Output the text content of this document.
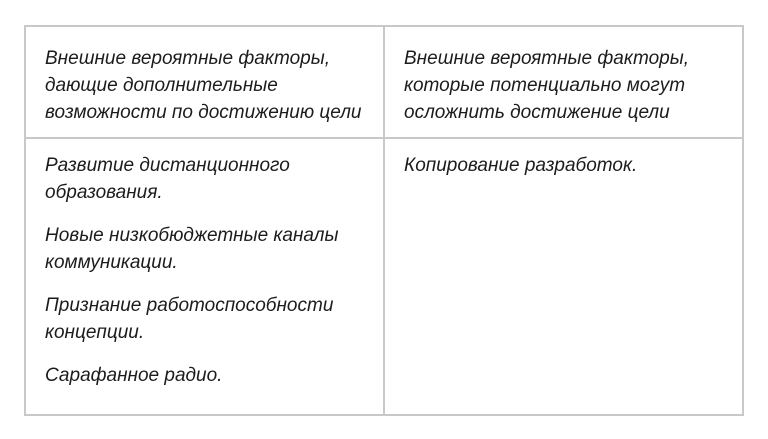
Внешние вероятные факторы, дающие дополнительные возможности по достижению цели
Внешние вероятные факторы, которые потенциально могут осложнить достижение цели

Развитие дистанционного образования.

Новые низкобюджетные каналы коммуникации.

Признание работоспособности концепции.

Сарафанное радио.

Копирование разработок.
